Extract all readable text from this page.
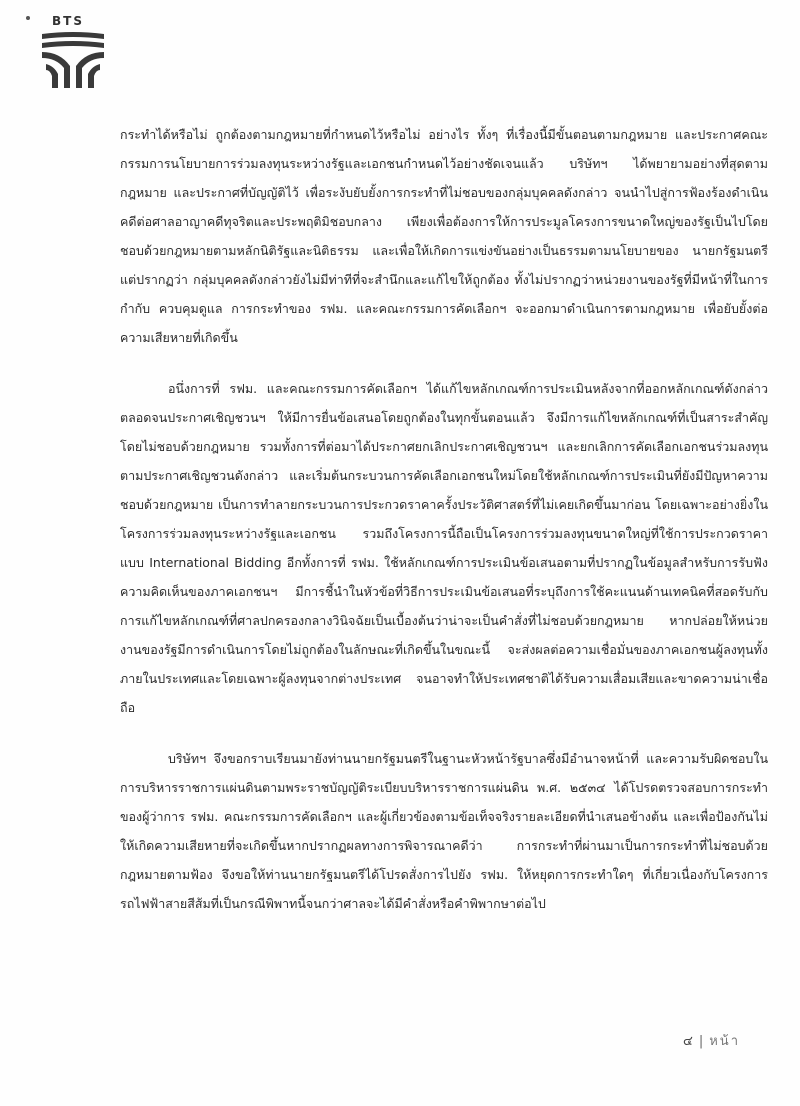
BTS

กระทำได้หรือไม่ ถูกต้องตามกฎหมายที่กำหนดไว้หรือไม่ อย่างไร ทั้งๆ ที่เรื่องนี้มีขั้นตอนตามกฎหมาย และประกาศคณะกรรมการนโยบายการร่วมลงทุนระหว่างรัฐและเอกชนกำหนดไว้อย่างชัดเจนแล้ว บริษัทฯ ได้พยายามอย่างที่สุดตามกฎหมาย และประกาศที่บัญญัติไว้ เพื่อระงับยับยั้งการกระทำที่ไม่ชอบของกลุ่มบุคคลดังกล่าว จนนำไปสู่การฟ้องร้องดำเนินคดีต่อศาลอาญาคดีทุจริตและประพฤติมิชอบกลาง เพียงเพื่อต้องการให้การประมูลโครงการขนาดใหญ่ของรัฐเป็นไปโดยชอบด้วยกฎหมายตามหลักนิติรัฐและนิติธรรม และเพื่อให้เกิดการแข่งขันอย่างเป็นธรรมตามนโยบายของ นายกรัฐมนตรี แต่ปรากฏว่า กลุ่มบุคคลดังกล่าวยังไม่มีท่าทีที่จะสำนึกและแก้ไขให้ถูกต้อง ทั้งไม่ปรากฏว่าหน่วยงานของรัฐที่มีหน้าที่ในการกำกับ ควบคุมดูแล การกระทำของ รฟม. และคณะกรรมการคัดเลือกฯ จะออกมาดำเนินการตามกฎหมาย เพื่อยับยั้งต่อความเสียหายที่เกิดขึ้น

อนึ่งการที่ รฟม. และคณะกรรมการคัดเลือกฯ ได้แก้ไขหลักเกณฑ์การประเมินหลังจากที่ออกหลักเกณฑ์ดังกล่าว ตลอดจนประกาศเชิญชวนฯ ให้มีการยื่นข้อเสนอโดยถูกต้องในทุกขั้นตอนแล้ว จึงมีการแก้ไขหลักเกณฑ์ที่เป็นสาระสำคัญโดยไม่ชอบด้วยกฎหมาย รวมทั้งการที่ต่อมาได้ประกาศยกเลิกประกาศเชิญชวนฯ และยกเลิกการคัดเลือกเอกชนร่วมลงทุนตามประกาศเชิญชวนดังกล่าว และเริ่มต้นกระบวนการคัดเลือกเอกชนใหม่โดยใช้หลักเกณฑ์การประเมินที่ยังมีปัญหาความชอบด้วยกฎหมาย เป็นการทำลายกระบวนการประกวดราคาครั้งประวัติศาสตร์ที่ไม่เคยเกิดขึ้นมาก่อน โดยเฉพาะอย่างยิ่งในโครงการร่วมลงทุนระหว่างรัฐและเอกชน รวมถึงโครงการนี้ถือเป็นโครงการร่วมลงทุนขนาดใหญ่ที่ใช้การประกวดราคาแบบ International Bidding อีกทั้งการที่ รฟม. ใช้หลักเกณฑ์การประเมินข้อเสนอตามที่ปรากฏในข้อมูลสำหรับการรับฟังความคิดเห็นของภาคเอกชนฯ มีการชี้นำในหัวข้อที่วิธีการประเมินข้อเสนอที่ระบุถึงการใช้คะแนนด้านเทคนิคที่สอดรับกับการแก้ไขหลักเกณฑ์ที่ศาลปกครองกลางวินิจฉัยเป็นเบื้องต้นว่าน่าจะเป็นคำสั่งที่ไม่ชอบด้วยกฎหมาย หากปล่อยให้หน่วยงานของรัฐมีการดำเนินการโดยไม่ถูกต้องในลักษณะที่เกิดขึ้นในขณะนี้ จะส่งผลต่อความเชื่อมั่นของภาคเอกชนผู้ลงทุนทั้งภายในประเทศและโดยเฉพาะผู้ลงทุนจากต่างประเทศ จนอาจทำให้ประเทศชาติได้รับความเสื่อมเสียและขาดความน่าเชื่อถือ

บริษัทฯ จึงขอกราบเรียนมายังท่านนายกรัฐมนตรีในฐานะหัวหน้ารัฐบาลซึ่งมีอำนาจหน้าที่ และความรับผิดชอบในการบริหารราชการแผ่นดินตามพระราชบัญญัติระเบียบบริหารราชการแผ่นดิน พ.ศ. ๒๕๓๔ ได้โปรดตรวจสอบการกระทำของผู้ว่าการ รฟม. คณะกรรมการคัดเลือกฯ และผู้เกี่ยวข้องตามข้อเท็จจริงรายละเอียดที่นำเสนอข้างต้น และเพื่อป้องกันไม่ให้เกิดความเสียหายที่จะเกิดขึ้นหากปรากฏผลทางการพิจารณาคดีว่า การกระทำที่ผ่านมาเป็นการกระทำที่ไม่ชอบด้วยกฎหมายตามฟ้อง จึงขอให้ท่านนายกรัฐมนตรีได้โปรดสั่งการไปยัง รฟม. ให้หยุดการกระทำใดๆ ที่เกี่ยวเนื่องกับโครงการรถไฟฟ้าสายสีส้มที่เป็นกรณีพิพาทนี้จนกว่าศาลจะได้มีคำสั่งหรือคำพิพากษาต่อไป

๔ | หน้า
